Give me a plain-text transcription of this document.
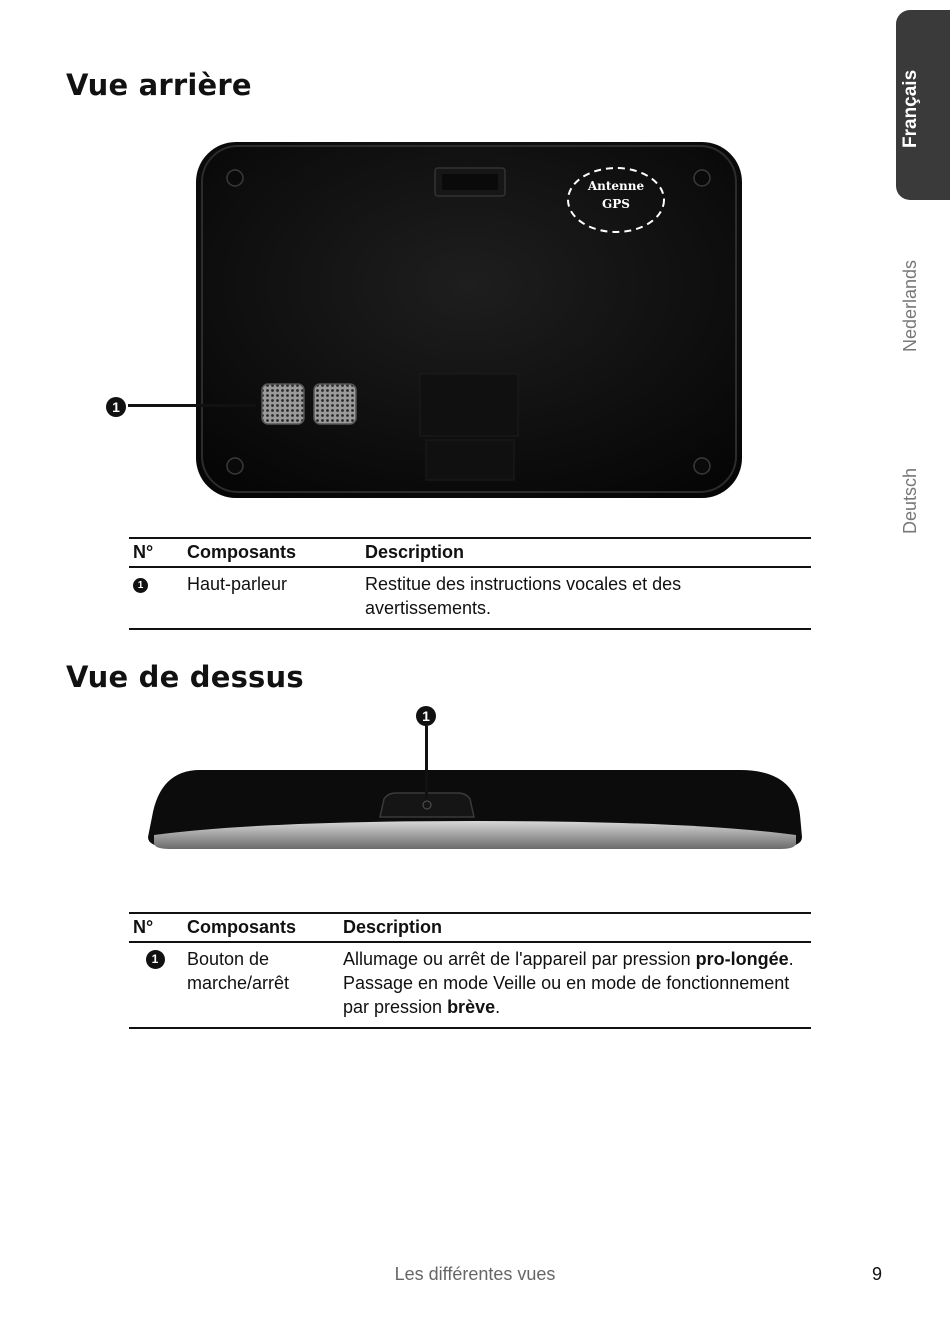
Français
Nederlands
Deutsch
Vue arrière
Antenne
GPS
1
N°	Composants	Description
1	Haut-parleur	Restitue des instructions vocales et des avertissements.
Vue de dessus
1
N°	Composants	Description
1	Bouton de marche/arrêt	Allumage ou arrêt de l'appareil par pression pro-longée. Passage en mode Veille ou en mode de fonctionnement par pression brève.
Les différentes vues	9
